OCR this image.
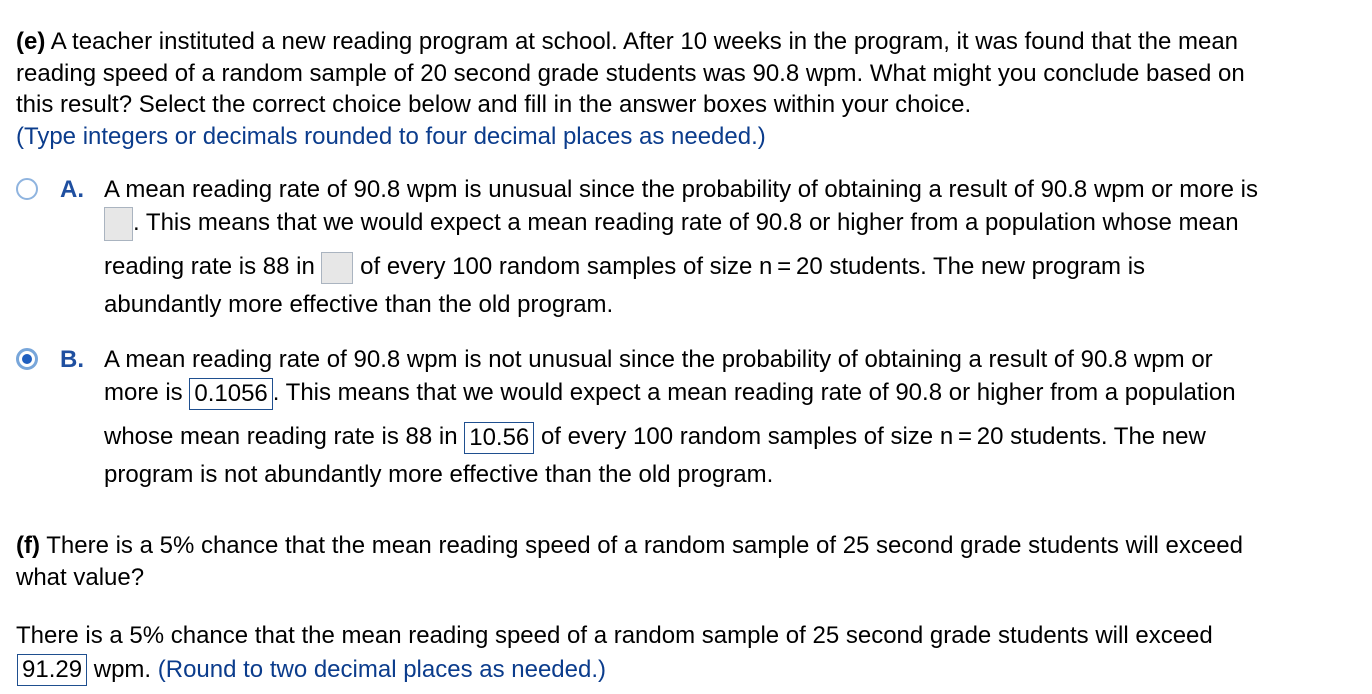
(e) A teacher instituted a new reading program at school. After 10 weeks in the program, it was found that the mean
reading speed of a random sample of 20 second grade students was 90.8 wpm. What might you conclude based on
this result? Select the correct choice below and fill in the answer boxes within your choice.
(Type integers or decimals rounded to four decimal places as needed.)
A. A mean reading rate of 90.8 wpm is unusual since the probability of obtaining a result of 90.8 wpm or more is
. This means that we would expect a mean reading rate of 90.8 or higher from a population whose mean
reading rate is 88 in of every 100 random samples of size n = 20 students. The new program is
abundantly more effective than the old program.
B. A mean reading rate of 90.8 wpm is not unusual since the probability of obtaining a result of 90.8 wpm or
more is 0.1056 . This means that we would expect a mean reading rate of 90.8 or higher from a population
whose mean reading rate is 88 in 10.56 of every 100 random samples of size n = 20 students. The new
program is not abundantly more effective than the old program.
(f) There is a 5% chance that the mean reading speed of a random sample of 25 second grade students will exceed
what value?
There is a 5% chance that the mean reading speed of a random sample of 25 second grade students will exceed
91.29 wpm. (Round to two decimal places as needed.)
